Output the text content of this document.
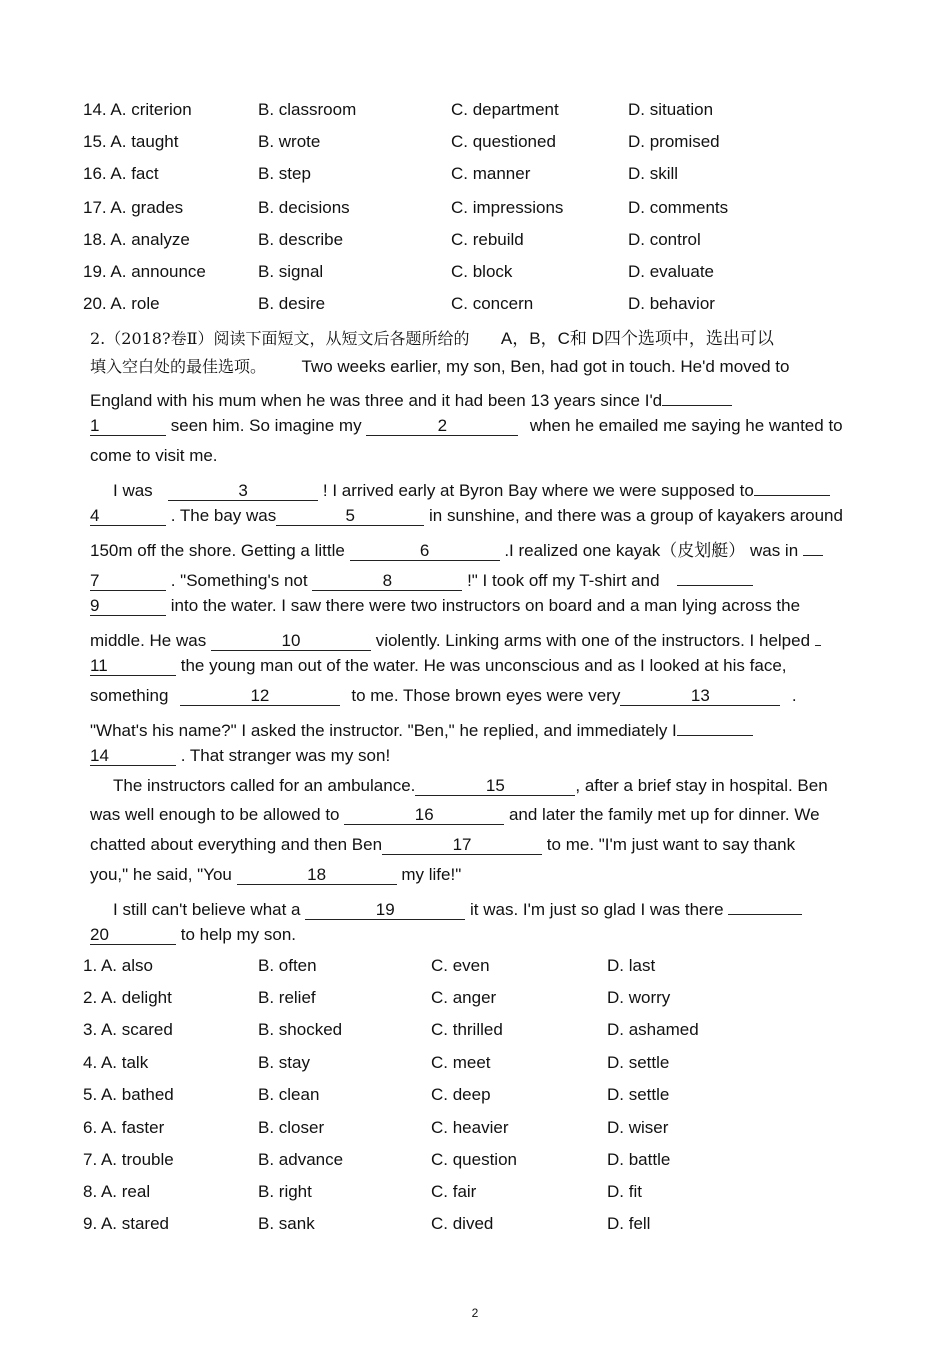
14. A. criterion	B. classroom	C. department	D. situation
15. A. taught	B. wrote	C. questioned	D. promised
16. A. fact	B. step	C. manner	D. skill
17. A. grades	B. decisions	C. impressions	D. comments
18. A. analyze	B. describe	C. rebuild	D. control
19. A. announce	B. signal	C. block	D. evaluate
20. A. role	B. desire	C. concern	D. behavior
2.（2018?卷Ⅱ）阅读下面短文，从短文后各题所给的 A，B，C和 D四个选项中，选出可以
填入空白处的最佳选项。 Two weeks earlier, my son, Ben, had got in touch. He'd moved to
England with his mum when he was three and it had been 13 years since I'd
1	seen him. So imagine my	2	when he emailed me saying he wanted to
come to visit me.
I was	3	! I arrived early at Byron Bay where we were supposed to
4	. The bay was	5	in sunshine, and there was a group of kayakers around
150m off the shore. Getting a little	6	.I realized one kayak（皮划艇） was in
7	. "Something's not	8	!" I took off my T-shirt and
9	into the water. I saw there were two instructors on board and a man lying across the
middle. He was	10	violently. Linking arms with one of the instructors. I helped
11	the young man out of the water. He was unconscious and as I looked at his face,
something	12	to me. Those brown eyes were very	13	.
"What's his name?" I asked the instructor. "Ben," he replied, and immediately I
14	. That stranger was my son!
The instructors called for an ambulance.	15	, after a brief stay in hospital. Ben
was well enough to be allowed to	16	and later the family met up for dinner. We
chatted about everything and then Ben	17	to me. "I'm just want to say thank
you," he said, "You	18	my life!"
I still can't believe what a	19	it was. I'm just so glad I was there
20	to help my son.
1. A. also	B. often	C. even	D. last
2. A. delight	B. relief	C. anger	D. worry
3. A. scared	B. shocked	C. thrilled	D. ashamed
4. A. talk	B. stay	C. meet	D. settle
5. A. bathed	B. clean	C. deep	D. settle
6. A. faster	B. closer	C. heavier	D. wiser
7. A. trouble	B. advance	C. question	D. battle
8. A. real	B. right	C. fair	D. fit
9. A. stared	B. sank	C. dived	D. fell
2
